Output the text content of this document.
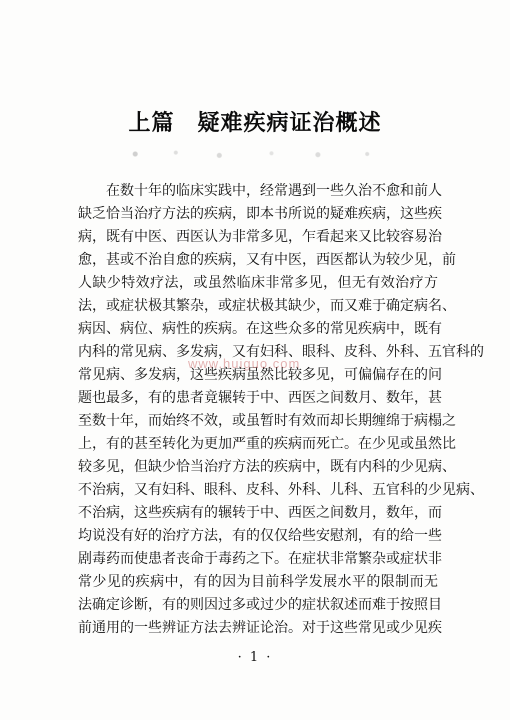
上篇　疑难疾病证治概述
在数十年的临床实践中，经常遇到一些久治不愈和前人
缺乏恰当治疗方法的疾病，即本书所说的疑难疾病，这些疾
病，既有中医、西医认为非常多见，乍看起来又比较容易治
愈，甚或不治自愈的疾病，又有中医，西医都认为较少见，前
人缺少特效疗法，或虽然临床非常多见，但无有效治疗方
法，或症状极其繁杂，或症状极其缺少，而又难于确定病名、
病因、病位、病性的疾病。在这些众多的常见疾病中，既有
内科的常见病、多发病，又有妇科、眼科、皮科、外科、五官科的
常见病、多发病，这些疾病虽然比较多见，可偏偏存在的问
题也最多，有的患者竟辗转于中、西医之间数月、数年，甚
至数十年，而始终不效，或虽暂时有效而却长期缠绵于病榻之
上，有的甚至转化为更加严重的疾病而死亡。在少见或虽然比
较多见，但缺少恰当治疗方法的疾病中，既有内科的少见病、
不治病，又有妇科、眼科、皮科、外科、儿科、五官科的少见病、
不治病，这些疾病有的辗转于中、西医之间数月，数年，而
均说没有好的治疗方法，有的仅仅给些安慰剂，有的给一些
剧毒药而使患者丧命于毒药之下。在症状非常繁杂或症状非
常少见的疾病中，有的因为目前科学发展水平的限制而无
法确定诊断，有的则因过多或过少的症状叙述而难于按照目
前通用的一些辨证方法去辨证论治。对于这些常见或少见疾
www.huiguo.com
· 1 ·
